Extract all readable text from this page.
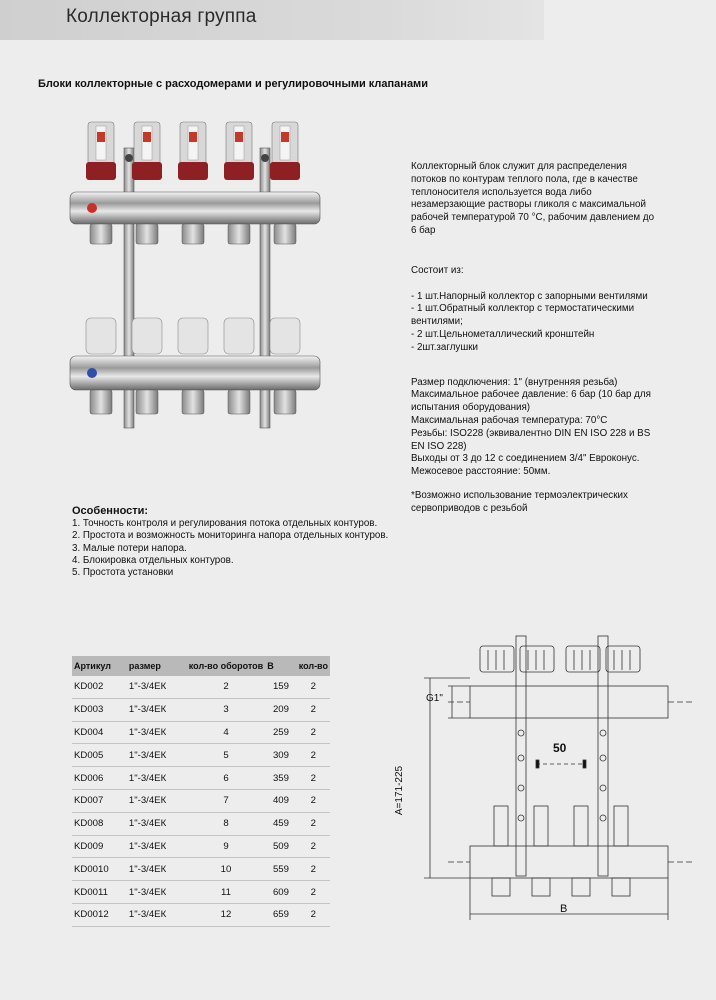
Коллекторная группа
Блоки коллекторные с расходомерами и регулировочными клапанами

Коллекторный блок служит для распределения

потоков по контурам теплого пола, где в качестве

теплоносителя используется вода либо

незамерзающие растворы гликоля с максимальной

рабочей температурой 70 °С, рабочим давлением до

6 бар

Состоит из:

- 1 шт.Напорный коллектор с запорными вентилями

- 1 шт.Обратный коллектор с термостатическими

вентилями;

- 2 шт.Цельнометаллический кронштейн

- 2шт.заглушки

Размер подключения: 1" (внутренняя резьба)

Максимальное рабочее давление: 6 бар (10 бар для

испытания оборудования)

Максимальная рабочая температура: 70°С

Резьбы: ISO228 (эквивалентно DIN EN ISO 228 и BS

EN ISO 228)

Выходы от 3 до 12 с соединением 3/4" Евроконус.

Межосевое расстояние: 50мм.

*Возможно использование термоэлектрических

сервоприводов с резьбой

Особенности:
1. Точность контроля и регулирования потока отдельных контуров.
2. Простота и возможность мониторинга напора отдельных контуров.
3. Малые потери напора.
4. Блокировка отдельных контуров.
5. Простота установки
Артикул	размер	кол-во оборотов	В	кол-во
KD002	1"-3/4ЕК	2	159	2
KD003	1"-3/4ЕК	3	209	2
KD004	1"-3/4ЕК	4	259	2
KD005	1"-3/4ЕК	5	309	2
KD006	1"-3/4ЕК	6	359	2
KD007	1"-3/4ЕК	7	409	2
KD008	1"-3/4ЕК	8	459	2
KD009	1"-3/4ЕК	9	509	2
KD0010	1"-3/4ЕК	10	559	2
KD0011	1"-3/4ЕК	11	609	2
KD0012	1"-3/4ЕК	12	659	2
G1"
50
A=171-225
B
